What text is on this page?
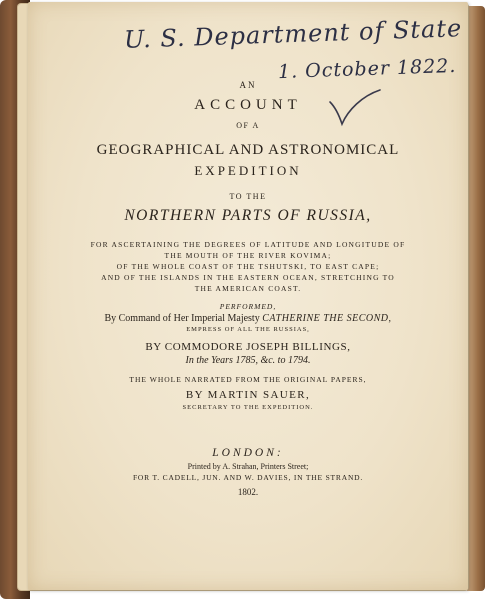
U. S. Department of State
1. October 1822.
AN
ACCOUNT
OF A
GEOGRAPHICAL AND ASTRONOMICAL
EXPEDITION
TO THE
NORTHERN PARTS OF RUSSIA,
FOR ASCERTAINING THE DEGREES OF LATITUDE AND LONGITUDE OF
THE MOUTH OF THE RIVER KOVIMA;
OF THE WHOLE COAST OF THE TSHUTSKI, TO EAST CAPE;
AND OF THE ISLANDS IN THE EASTERN OCEAN, STRETCHING TO
THE AMERICAN COAST.
PERFORMED,
By Command of Her Imperial Majesty CATHERINE THE SECOND,
EMPRESS OF ALL THE RUSSIAS,
BY COMMODORE JOSEPH BILLINGS,
In the Years 1785, &c. to 1794.
THE WHOLE NARRATED FROM THE ORIGINAL PAPERS,
BY MARTIN SAUER,
SECRETARY TO THE EXPEDITION.
LONDON:
Printed by A. Strahan, Printers Street;
FOR T. CADELL, JUN. AND W. DAVIES, IN THE STRAND.
1802.
